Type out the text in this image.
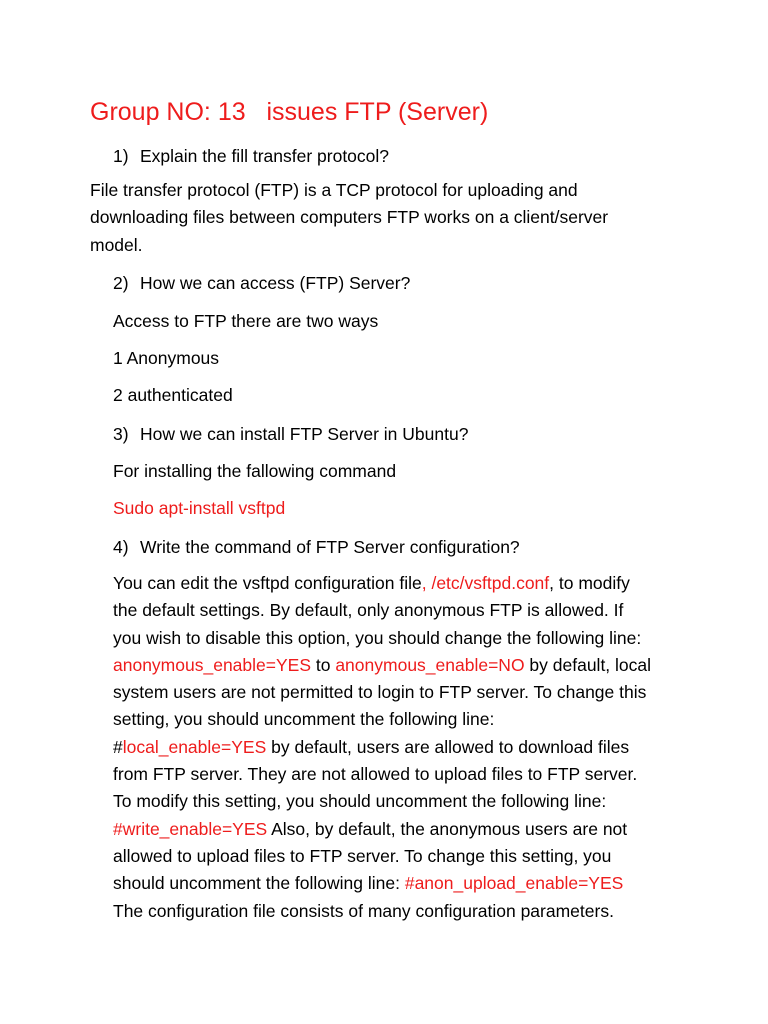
Group NO: 13   issues FTP (Server)
1) Explain the fill transfer protocol?
File transfer protocol (FTP) is a TCP protocol for uploading and
downloading files between computers FTP works on a client/server
model.
2) How we can access (FTP) Server?
Access to FTP there are two ways
1 Anonymous
2 authenticated
3) How we can install FTP Server in Ubuntu?
For installing the fallowing command
Sudo apt-install vsftpd
4) Write the command of FTP Server configuration?
You can edit the vsftpd configuration file, /etc/vsftpd.conf, to modify
the default settings. By default, only anonymous FTP is allowed. If
you wish to disable this option, you should change the following line:
anonymous_enable=YES to anonymous_enable=NO by default, local
system users are not permitted to login to FTP server. To change this
setting, you should uncomment the following line:
#local_enable=YES by default, users are allowed to download files
from FTP server. They are not allowed to upload files to FTP server.
To modify this setting, you should uncomment the following line:
#write_enable=YES Also, by default, the anonymous users are not
allowed to upload files to FTP server. To change this setting, you
should uncomment the following line: #anon_upload_enable=YES
The configuration file consists of many configuration parameters.
